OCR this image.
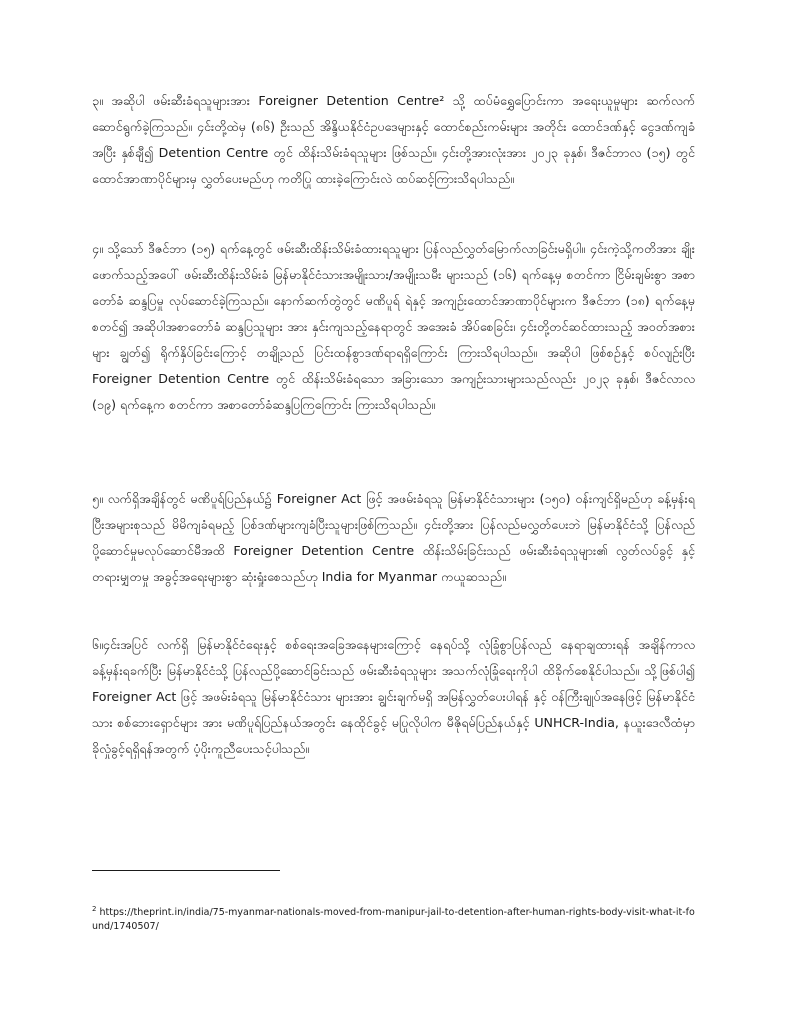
၃။ အဆိုပါ ဖမ်းဆီးခံရသူများအား Foreigner Detention Centre² သို့ ထပ်မံရွှေပြောင်းကာ အရေးယူမှုများ ဆက်လက်ဆောင်ရွက်ခဲ့ကြသည်။ ၄င်းတို့ထဲမှ (၈၆) ဦးသည် အိန္ဒိယနိုင်ငံဥပဒေများနှင့် ထောင်စည်းကမ်းများ အတိုင်း ထောင်ဒဏ်နှင့် ငွေဒဏ်ကျခံအပြီး နှစ်ချီ၍ Detention Centre တွင် ထိန်းသိမ်းခံရသူများ ဖြစ်သည်။ ၄င်းတို့အားလုံးအား ၂၀၂၃ ခုနှစ်၊ ဒီဇင်ဘာလ (၁၅) တွင် ထောင်အာဏာပိုင်များမှ လွှတ်ပေးမည်ဟု ကတိပြု ထားခဲ့ကြောင်းလဲ ထပ်ဆင့်ကြားသိရပါသည်။

၄။ သို့သော် ဒီဇင်ဘာ (၁၅) ရက်နေ့တွင် ဖမ်းဆီးထိန်းသိမ်းခံထားရသူများ ပြန်လည်လွှတ်မြောက်လာခြင်းမရှိပါ။ ၄င်းကဲ့သို့ကတိအား ချိုးဖောက်သည့်အပေါ် ဖမ်းဆီးထိန်းသိမ်းခံ မြန်မာနိုင်ငံသားအမျိုးသား/အမျိုးသမီး များသည် (၁၆) ရက်နေ့မှ စတင်ကာ ငြိမ်းချမ်းစွာ အစာတော်ခံ ဆန္ဒပြမှု လုပ်ဆောင်ခဲ့ကြသည်။ နောက်ဆက်တွဲတွင် မဏိပူရ် ရဲနှင့် အကျဉ်းထောင်အာဏာပိုင်များက ဒီဇင်ဘာ (၁၈) ရက်နေ့မှစတင်၍ အဆိုပါအစာတော်ခံ ဆန္ဒပြသူများ အား နှင်းကျသည့်နေရာတွင် အအေးခံ အိပ်စေခြင်း၊ ၄င်းတို့တင်ဆင်ထားသည့် အဝတ်အစားများ ချွတ်၍ ရိုက်နှိပ်ခြင်းကြောင့် တချို့သည် ပြင်းထန်စွာဒဏ်ရာရရှိကြောင်း ကြားသိရပါသည်။ အဆိုပါ ဖြစ်စဉ်နှင့် စပ်လျဉ်းပြီး Foreigner Detention Centre တွင် ထိန်းသိမ်းခံရသော အခြားသော အကျဉ်းသားများသည်လည်း ၂၀၂၃ ခုနှစ်၊ ဒီဇင်လာလ (၁၉) ရက်နေ့က စတင်ကာ အစာတော်ခံဆန္ဒပြကြကြောင်း ကြားသိရပါသည်။

၅။ လက်ရှိအချိန်တွင် မဏိပူရ်ပြည်နယ်၌ Foreigner Act ဖြင့် အဖမ်းခံရသူ မြန်မာနိုင်ငံသားများ (၁၅၀) ဝန်းကျင်ရှိမည်ဟု ခန့်မှန်းရပြီးအများစုသည် မိမိကျခံရမည့် ပြစ်ဒဏ်များကျခံပြီးသူများဖြစ်ကြသည်။ ၄င်းတို့အား ပြန်လည်မလွှတ်ပေးဘဲ မြန်မာနိုင်ငံသို့ ပြန်လည်ပို့ဆောင်မှုမလုပ်ဆောင်မီအထိ Foreigner Detention Centre ထိန်းသိမ်းခြင်းသည် ဖမ်းဆီးခံရသူများ၏ လွတ်လပ်ခွင့် နှင့် တရားမျှတမှု အခွင့်အရေးများစွာ ဆုံးရှုံးစေသည်ဟု India for Myanmar ကယူဆသည်။

၆။၄င်းအပြင် လက်ရှိ မြန်မာနိုင်ငံရေးနှင့် စစ်ရေးအခြေအနေများကြောင့် နေရပ်သို့ လုံခြုံစွာပြန်လည် နေရာချထားရန် အချိန်ကာလ ခန့်မှန်းရခက်ပြီး မြန်မာနိုင်ငံသို့ ပြန်လည်ပို့ဆောင်ခြင်းသည် ဖမ်းဆီးခံရသူများ အသက်လုံခြုံရေးကိုပါ ထိခိုက်စေနိုင်ပါသည်။ သို့ဖြစ်ပါ၍ Foreigner Act ဖြင့် အဖမ်းခံရသူ မြန်မာနိုင်ငံသား များအား ချွင်းချက်မရှိ အမြန်လွှတ်ပေးပါရန် နှင့် ဝန်ကြီးချုပ်အနေဖြင့် မြန်မာနိုင်ငံသား စစ်ဘေးရှောင်များ အား မဏိပူရ်ပြည်နယ်အတွင်း နေထိုင်ခွင့် မပြုလိုပါက မီဇိုရမ်ပြည်နယ်နှင့် UNHCR-India, နယူးဒေလီထံမှာ ခိုလှုံခွင့်ရရှိရန်အတွက် ပံ့ပိုးကူညီပေးသင့်ပါသည်။

$^2$ https://theprint.in/india/75-myanmar-nationals-moved-from-manipur-jail-to-detention-after-human-rights-body-visit-what-it-found/1740507/
